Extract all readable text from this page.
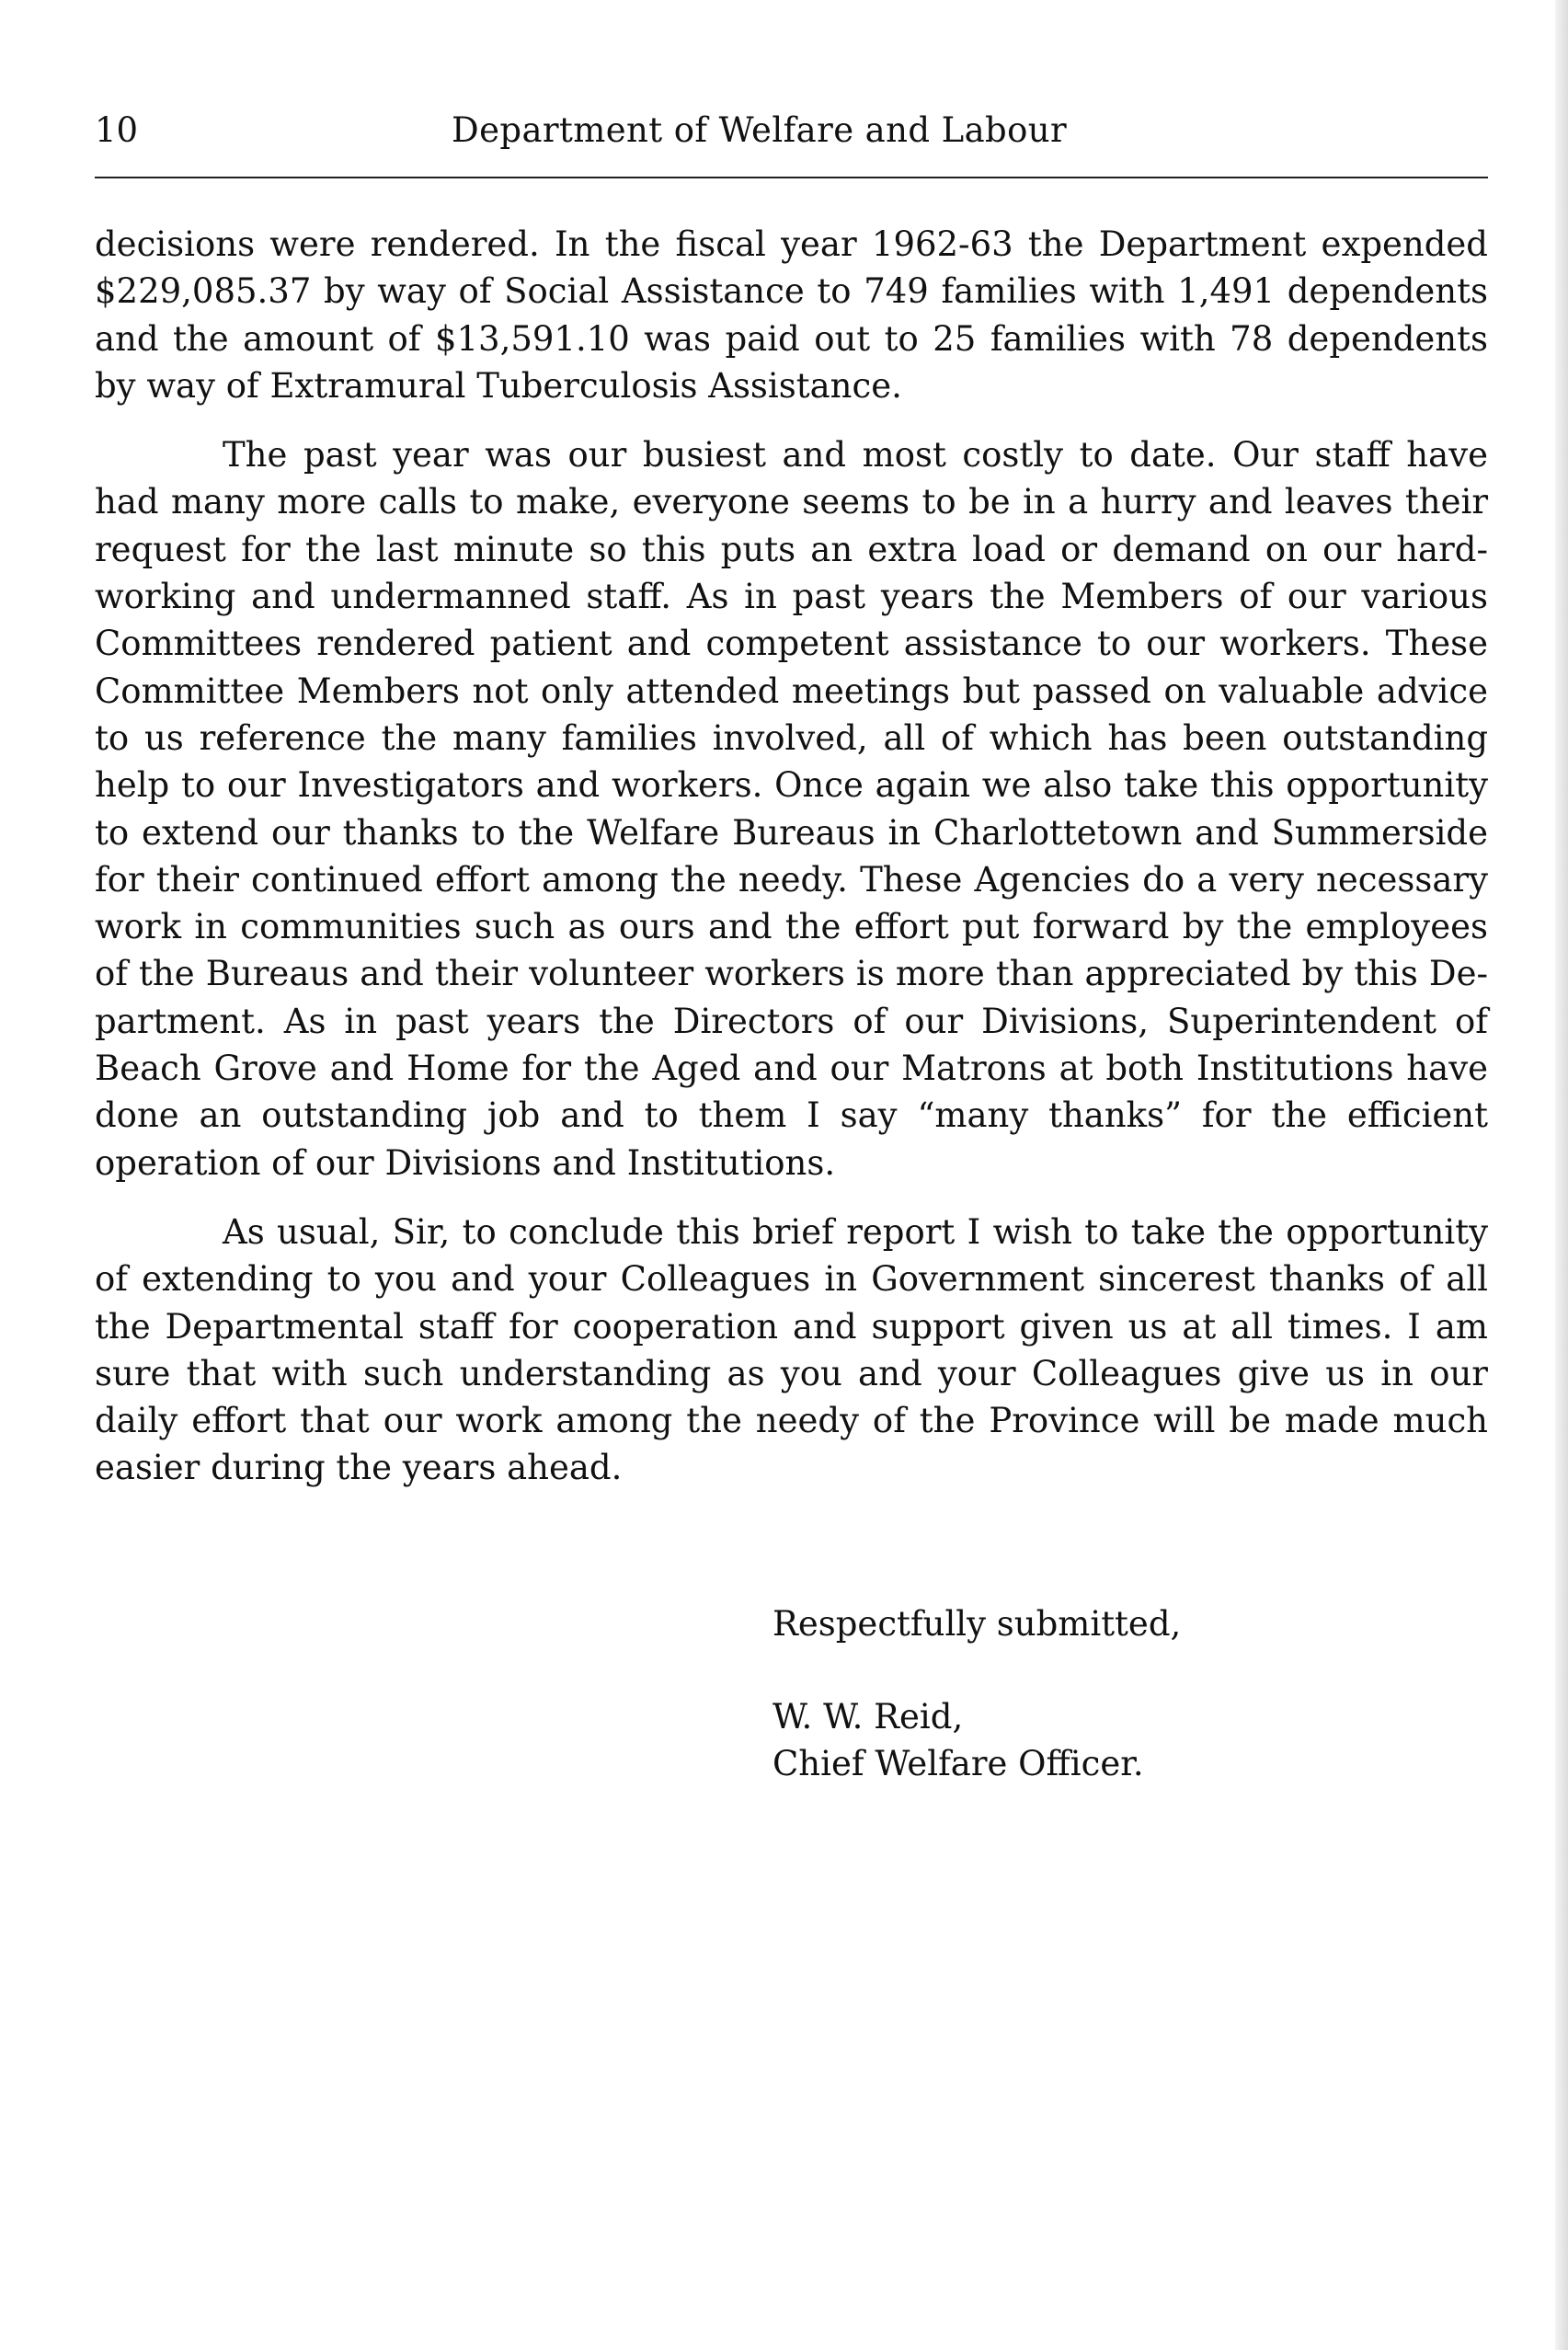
10	Department of Welfare and Labour

decisions were rendered. In the fiscal year 1962-63 the Department expended $229,085.37 by way of Social Assistance to 749 families with 1,491 dependents and the amount of $13,591.10 was paid out to 25 families with 78 dependents by way of Extramural Tuberculosis Assistance.

The past year was our busiest and most costly to date. Our staff have had many more calls to make, everyone seems to be in a hurry and leaves their request for the last minute so this puts an extra load or demand on our hard-working and undermanned staff. As in past years the Members of our various Committees rendered patient and competent assistance to our workers. These Committee Members not only attended meetings but passed on valuable advice to us reference the many families involved, all of which has been outstanding help to our Investigators and workers. Once again we also take this opportunity to extend our thanks to the Welfare Bureaus in Charlottetown and Summerside for their continued effort among the needy. These Agencies do a very necessary work in communities such as ours and the effort put forward by the employees of the Bureaus and their volunteer workers is more than appreciated by this Department. As in past years the Directors of our Divisions, Superintendent of Beach Grove and Home for the Aged and our Matrons at both Institutions have done an outstanding job and to them I say “many thanks” for the efficient operation of our Divisions and Institutions.

As usual, Sir, to conclude this brief report I wish to take the opportunity of extending to you and your Colleagues in Government sincerest thanks of all the Departmental staff for cooperation and support given us at all times. I am sure that with such understanding as you and your Colleagues give us in our daily effort that our work among the needy of the Province will be made much easier during the years ahead.

Respectfully submitted,
W. W. Reid,
Chief Welfare Officer.
